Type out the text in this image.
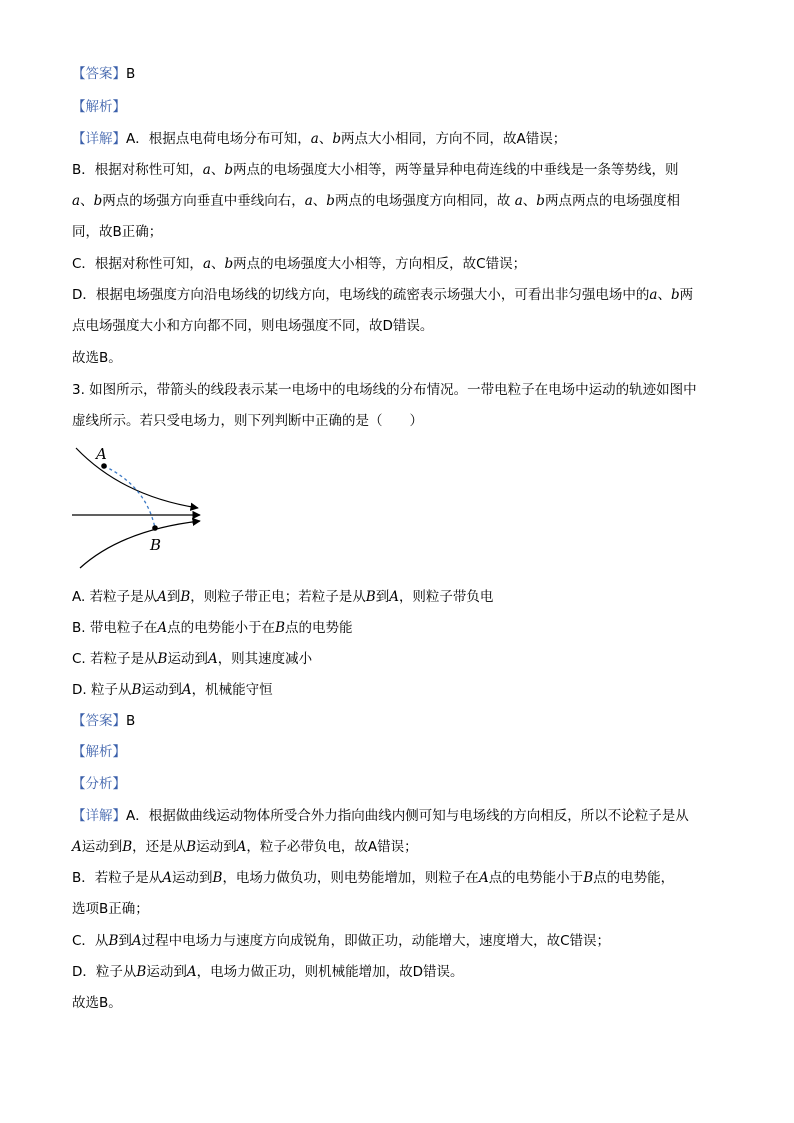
【答案】B
【解析】
【详解】A．根据点电荷电场分布可知，a、b两点大小相同，方向不同，故A错误；
B．根据对称性可知，a、b两点的电场强度大小相等，两等量异种电荷连线的中垂线是一条等势线，则
a、b两点的场强方向垂直中垂线向右，a、b两点的电场强度方向相同，故 a、b两点两点的电场强度相
同，故B正确；
C．根据对称性可知，a、b两点的电场强度大小相等，方向相反，故C错误；
D．根据电场强度方向沿电场线的切线方向，电场线的疏密表示场强大小，可看出非匀强电场中的a、b两
点电场强度大小和方向都不同，则电场强度不同，故D错误。
故选B。
3. 如图所示，带箭头的线段表示某一电场中的电场线的分布情况。一带电粒子在电场中运动的轨迹如图中
虚线所示。若只受电场力，则下列判断中正确的是（　　）
A
B
A. 若粒子是从A到B，则粒子带正电；若粒子是从B到A，则粒子带负电
B. 带电粒子在A点的电势能小于在B点的电势能
C. 若粒子是从B运动到A，则其速度减小
D. 粒子从B运动到A，机械能守恒
【答案】B
【解析】
【分析】
【详解】A．根据做曲线运动物体所受合外力指向曲线内侧可知与电场线的方向相反，所以不论粒子是从
A运动到B，还是从B运动到A，粒子必带负电，故A错误；
B．若粒子是从A运动到B，电场力做负功，则电势能增加，则粒子在A点的电势能小于B点的电势能，
选项B正确；
C．从B到A过程中电场力与速度方向成锐角，即做正功，动能增大，速度增大，故C错误；
D．粒子从B运动到A，电场力做正功，则机械能增加，故D错误。
故选B。
